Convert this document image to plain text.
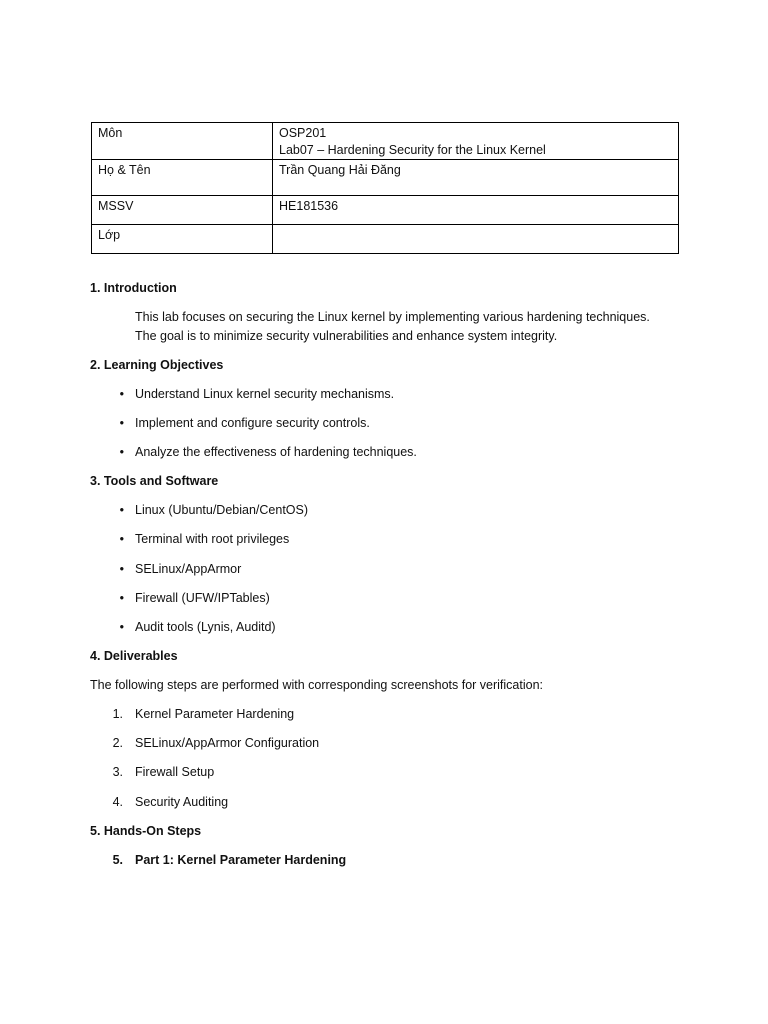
Môn	OSP201
Lab07 – Hardening Security for the Linux Kernel

Họ & Tên	Trần Quang Hải Đăng
MSSV	HE181536
Lớp	
1. Introduction
This lab focuses on securing the Linux kernel by implementing various hardening techniques.
The goal is to minimize security vulnerabilities and enhance system integrity.
2. Learning Objectives
• Understand Linux kernel security mechanisms.
• Implement and configure security controls.
• Analyze the effectiveness of hardening techniques.
3. Tools and Software
• Linux (Ubuntu/Debian/CentOS)
• Terminal with root privileges
• SELinux/AppArmor
• Firewall (UFW/IPTables)
• Audit tools (Lynis, Auditd)
4. Deliverables
The following steps are performed with corresponding screenshots for verification:
1. Kernel Parameter Hardening
2. SELinux/AppArmor Configuration
3. Firewall Setup
4. Security Auditing
5. Hands-On Steps
5. Part 1: Kernel Parameter Hardening
